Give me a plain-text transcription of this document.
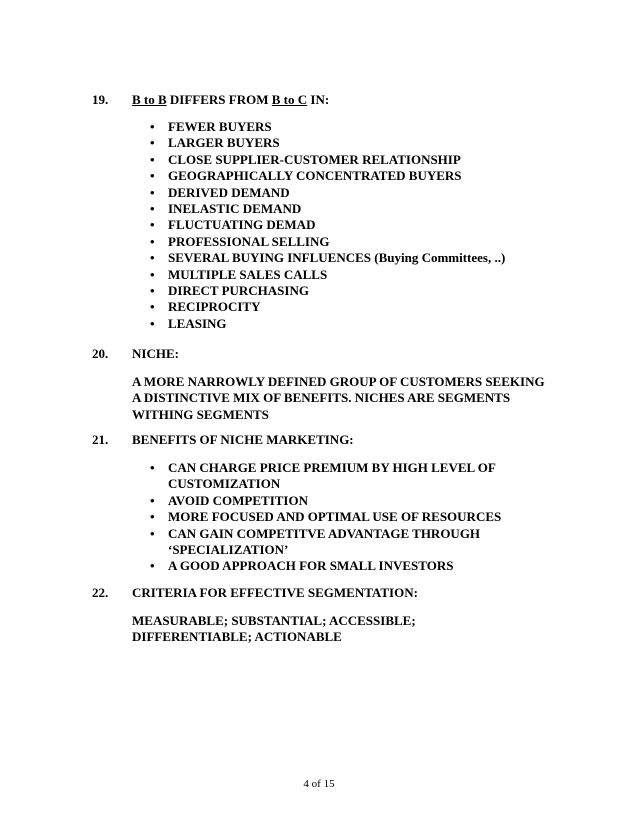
19. B to B DIFFERS FROM B to C IN:
• FEWER BUYERS
• LARGER BUYERS
• CLOSE SUPPLIER-CUSTOMER RELATIONSHIP
• GEOGRAPHICALLY CONCENTRATED BUYERS
• DERIVED DEMAND
• INELASTIC DEMAND
• FLUCTUATING DEMAD
• PROFESSIONAL SELLING
• SEVERAL BUYING INFLUENCES (Buying Committees, ..)
• MULTIPLE SALES CALLS
• DIRECT PURCHASING
• RECIPROCITY
• LEASING
20. NICHE:
A MORE NARROWLY DEFINED GROUP OF CUSTOMERS SEEKING A DISTINCTIVE MIX OF BENEFITS. NICHES ARE SEGMENTS WITHING SEGMENTS
21. BENEFITS OF NICHE MARKETING:
• CAN CHARGE PRICE PREMIUM BY HIGH LEVEL OF CUSTOMIZATION
• AVOID COMPETITION
• MORE FOCUSED AND OPTIMAL USE OF RESOURCES
• CAN GAIN COMPETITVE ADVANTAGE THROUGH ‘SPECIALIZATION’
• A GOOD APPROACH FOR SMALL INVESTORS
22. CRITERIA FOR EFFECTIVE SEGMENTATION:
MEASURABLE; SUBSTANTIAL; ACCESSIBLE; DIFFERENTIABLE; ACTIONABLE
4 of 15
